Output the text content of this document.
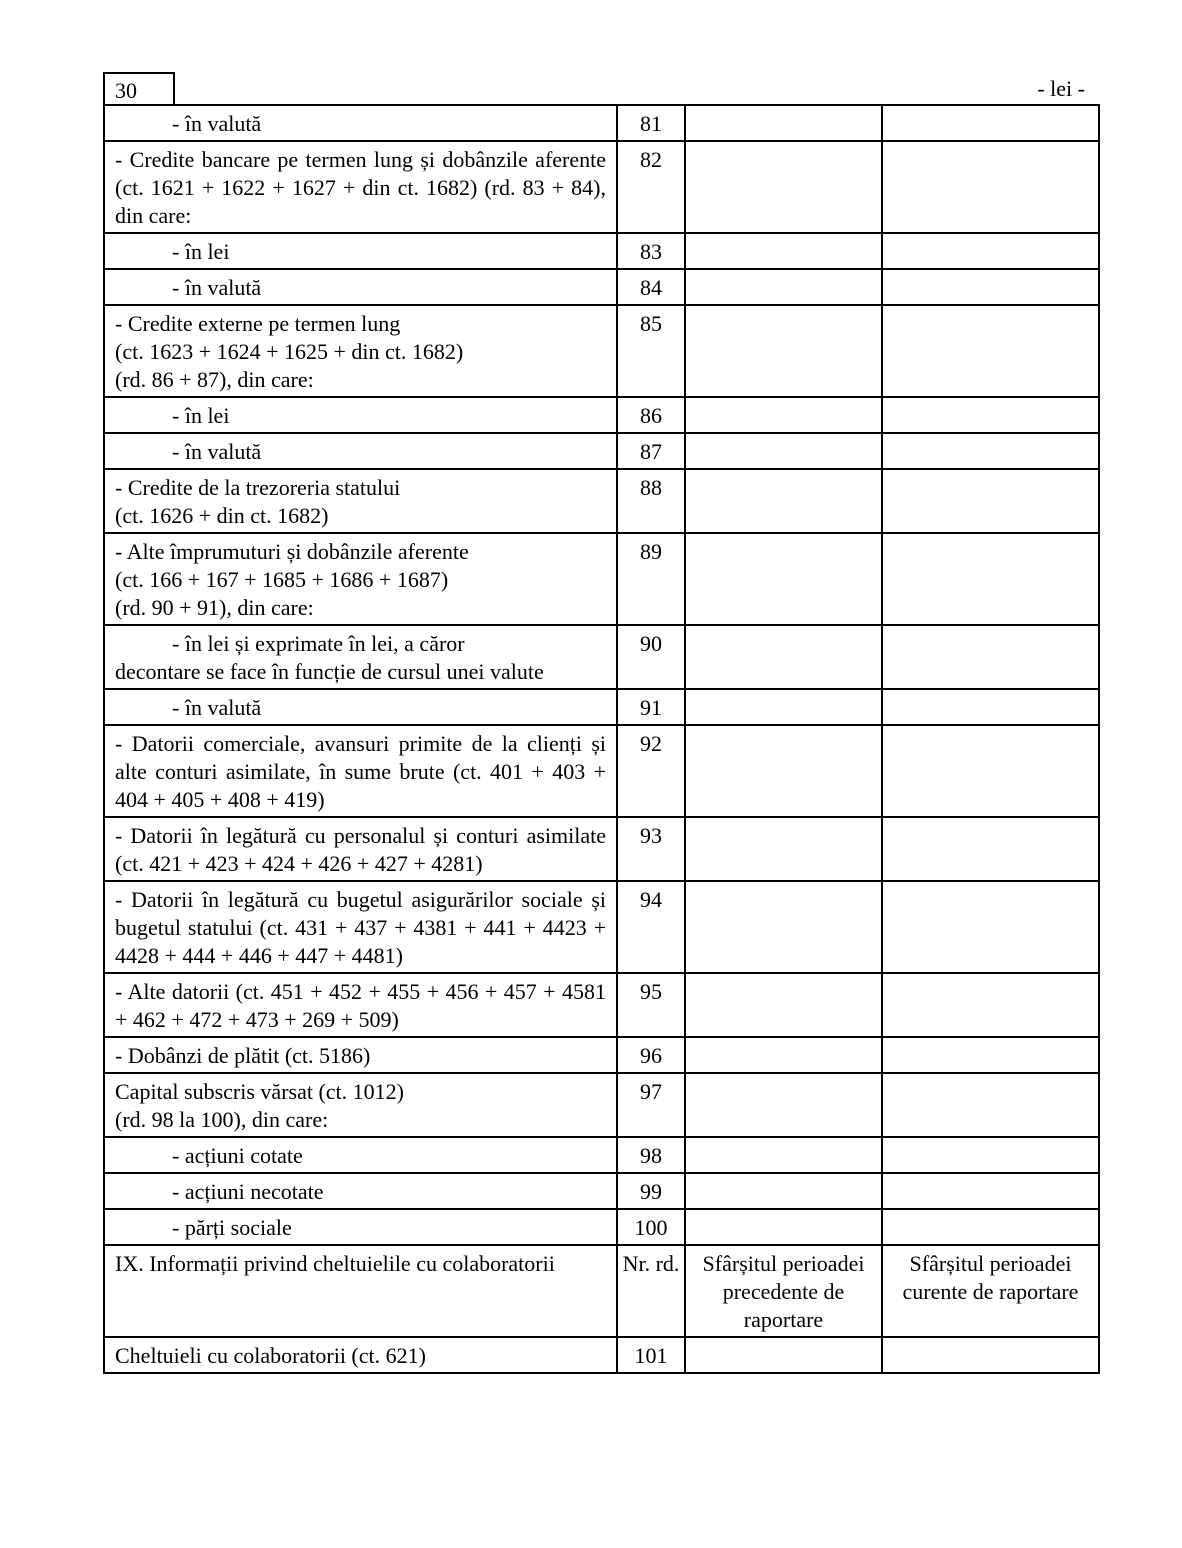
30	- lei -
- în valută	81		
- Credite bancare pe termen lung și dobânzile aferente (ct. 1621 + 1622 + 1627 + din ct. 1682) (rd. 83 + 84), din care:	82		
- în lei	83		
- în valută	84		
- Credite externe pe termen lung
(ct. 1623 + 1624 + 1625 + din ct. 1682)
(rd. 86 + 87), din care:	85		
- în lei	86		
- în valută	87		
- Credite de la trezoreria statului
(ct. 1626 + din ct. 1682)	88		
- Alte împrumuturi și dobânzile aferente
(ct. 166 + 167 + 1685 + 1686 + 1687)
(rd. 90 + 91), din care:	89		
- în lei și exprimate în lei, a căror
decontare se face în funcție de cursul unei valute	90		
- în valută	91		
- Datorii comerciale, avansuri primite de la clienți și alte conturi asimilate, în sume brute (ct. 401 + 403 + 404 + 405 + 408 + 419)	92		
- Datorii în legătură cu personalul și conturi asimilate (ct. 421 + 423 + 424 + 426 + 427 + 4281)	93		
- Datorii în legătură cu bugetul asigurărilor sociale și bugetul statului (ct. 431 + 437 + 4381 + 441 + 4423 + 4428 + 444 + 446 + 447 + 4481)	94		
- Alte datorii (ct. 451 + 452 + 455 + 456 + 457 + 4581 + 462 + 472 + 473 + 269 + 509)	95		
- Dobânzi de plătit (ct. 5186)	96		
Capital subscris vărsat (ct. 1012)
(rd. 98 la 100), din care:	97		
- acțiuni cotate	98		
- acțiuni necotate	99		
- părți sociale	100		
IX. Informații privind cheltuielile cu colaboratorii	Nr. rd.	Sfârșitul perioadei precedente de raportare	Sfârșitul perioadei curente de raportare
Cheltuieli cu colaboratorii (ct. 621)	101		
